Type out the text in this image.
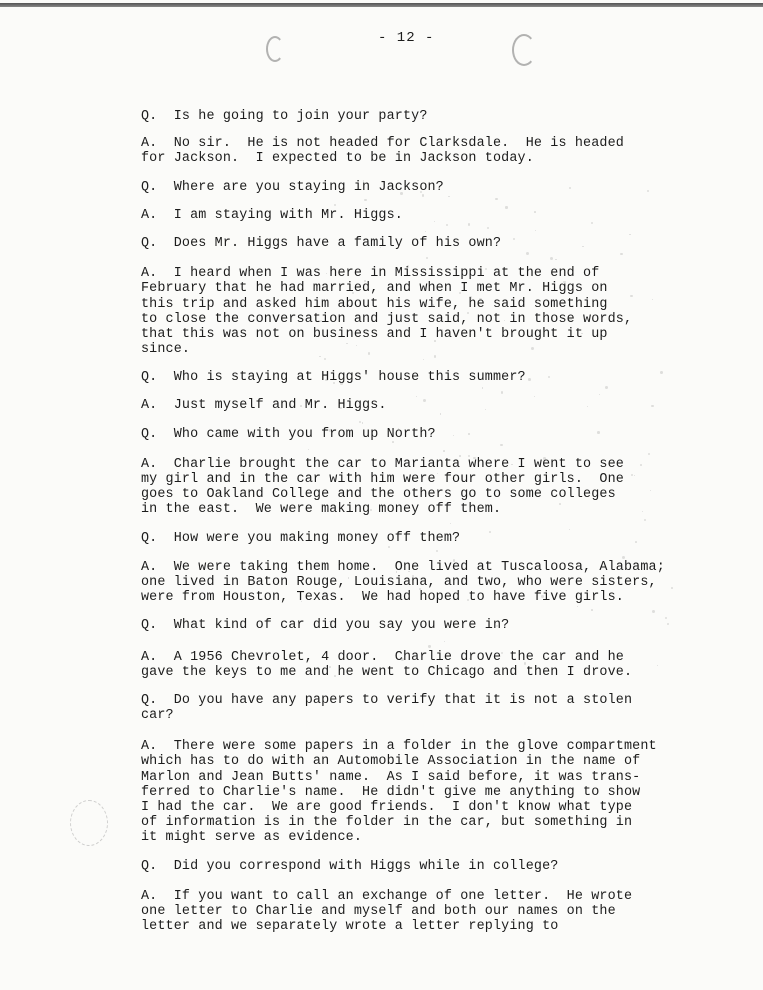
- 12 -
Q.  Is he going to join your party?
A.  No sir.  He is not headed for Clarksdale.  He is headed
for Jackson.  I expected to be in Jackson today.
Q.  Where are you staying in Jackson?
A.  I am staying with Mr. Higgs.
Q.  Does Mr. Higgs have a family of his own?
A.  I heard when I was here in Mississippi at the end of
February that he had married, and when I met Mr. Higgs on
this trip and asked him about his wife, he said something
to close the conversation and just said, not in those words,
that this was not on business and I haven't brought it up
since.
Q.  Who is staying at Higgs' house this summer?
A.  Just myself and Mr. Higgs.
Q.  Who came with you from up North?
A.  Charlie brought the car to Marianta where I went to see
my girl and in the car with him were four other girls.  One
goes to Oakland College and the others go to some colleges
in the east.  We were making money off them.
Q.  How were you making money off them?
A.  We were taking them home.  One lived at Tuscaloosa, Alabama;
one lived in Baton Rouge, Louisiana, and two, who were sisters,
were from Houston, Texas.  We had hoped to have five girls.
Q.  What kind of car did you say you were in?
A.  A 1956 Chevrolet, 4 door.  Charlie drove the car and he
gave the keys to me and he went to Chicago and then I drove.
Q.  Do you have any papers to verify that it is not a stolen
car?
A.  There were some papers in a folder in the glove compartment
which has to do with an Automobile Association in the name of
Marlon and Jean Butts' name.  As I said before, it was trans-
ferred to Charlie's name.  He didn't give me anything to show
I had the car.  We are good friends.  I don't know what type
of information is in the folder in the car, but something in
it might serve as evidence.
Q.  Did you correspond with Higgs while in college?
A.  If you want to call an exchange of one letter.  He wrote
one letter to Charlie and myself and both our names on the
letter and we separately wrote a letter replying to
